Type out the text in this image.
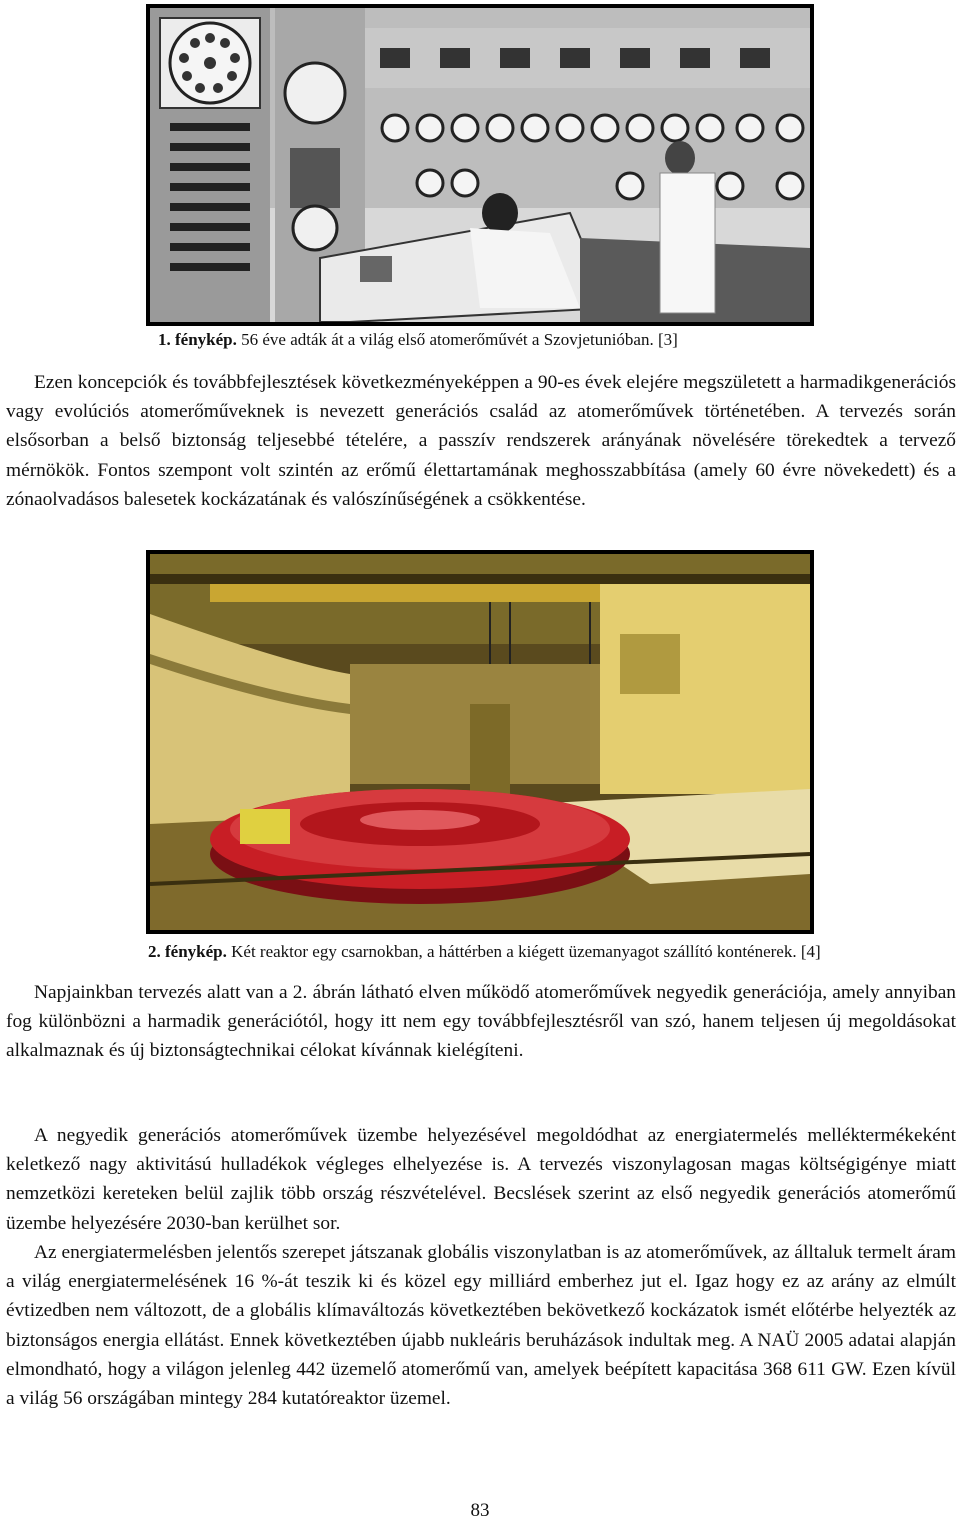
1. fénykép. 56 éve adták át a világ első atomerőművét a Szovjetunióban. [3]

Ezen koncepciók és továbbfejlesztések következményeképpen a 90-es évek elejére megszületett a harmadikgenerációs vagy evolúciós atomerőműveknek is nevezett generációs család az atomerőművek történetében. A tervezés során elsősorban a belső biztonság teljesebbé tételére, a passzív rendszerek arányának növelésére törekedtek a tervező mérnökök. Fontos szempont volt szintén az erőmű élettartamának meghosszabbítása (amely 60 évre növekedett) és a zónaolvadásos balesetek kockázatának és valószínűségének a csökkentése.

2. fénykép. Két reaktor egy csarnokban, a háttérben a kiégett üzemanyagot szállító konténerek. [4]

Napjainkban tervezés alatt van a 2. ábrán látható elven működő atomerőművek negyedik generációja, amely annyiban fog különbözni a harmadik generációtól, hogy itt nem egy továbbfejlesztésről van szó, hanem teljesen új megoldásokat alkalmaznak és új biztonságtechnikai célokat kívánnak kielégíteni.

A negyedik generációs atomerőművek üzembe helyezésével megoldódhat az energiatermelés melléktermékeként keletkező nagy aktivitású hulladékok végleges elhelyezése is. A tervezés viszonylagosan magas költségigénye miatt nemzetközi kereteken belül zajlik több ország részvételével. Becslések szerint az első negyedik generációs atomerőmű üzembe helyezésére 2030-ban kerülhet sor.

Az energiatermelésben jelentős szerepet játszanak globális viszonylatban is az atomerőművek, az álltaluk termelt áram a világ energiatermelésének 16 %-át teszik ki és közel egy milliárd emberhez jut el. Igaz hogy ez az arány az elmúlt évtizedben nem változott, de a globális klímaváltozás következtében bekövetkező kockázatok ismét előtérbe helyezték az biztonságos energia ellátást. Ennek következtében újabb nukleáris beruházások indultak meg. A NAÜ 2005 adatai alapján elmondható, hogy a világon jelenleg 442 üzemelő atomerőmű van, amelyek beépített kapacitása 368 611 GW. Ezen kívül a világ 56 országában mintegy 284 kutatóreaktor üzemel.

83
